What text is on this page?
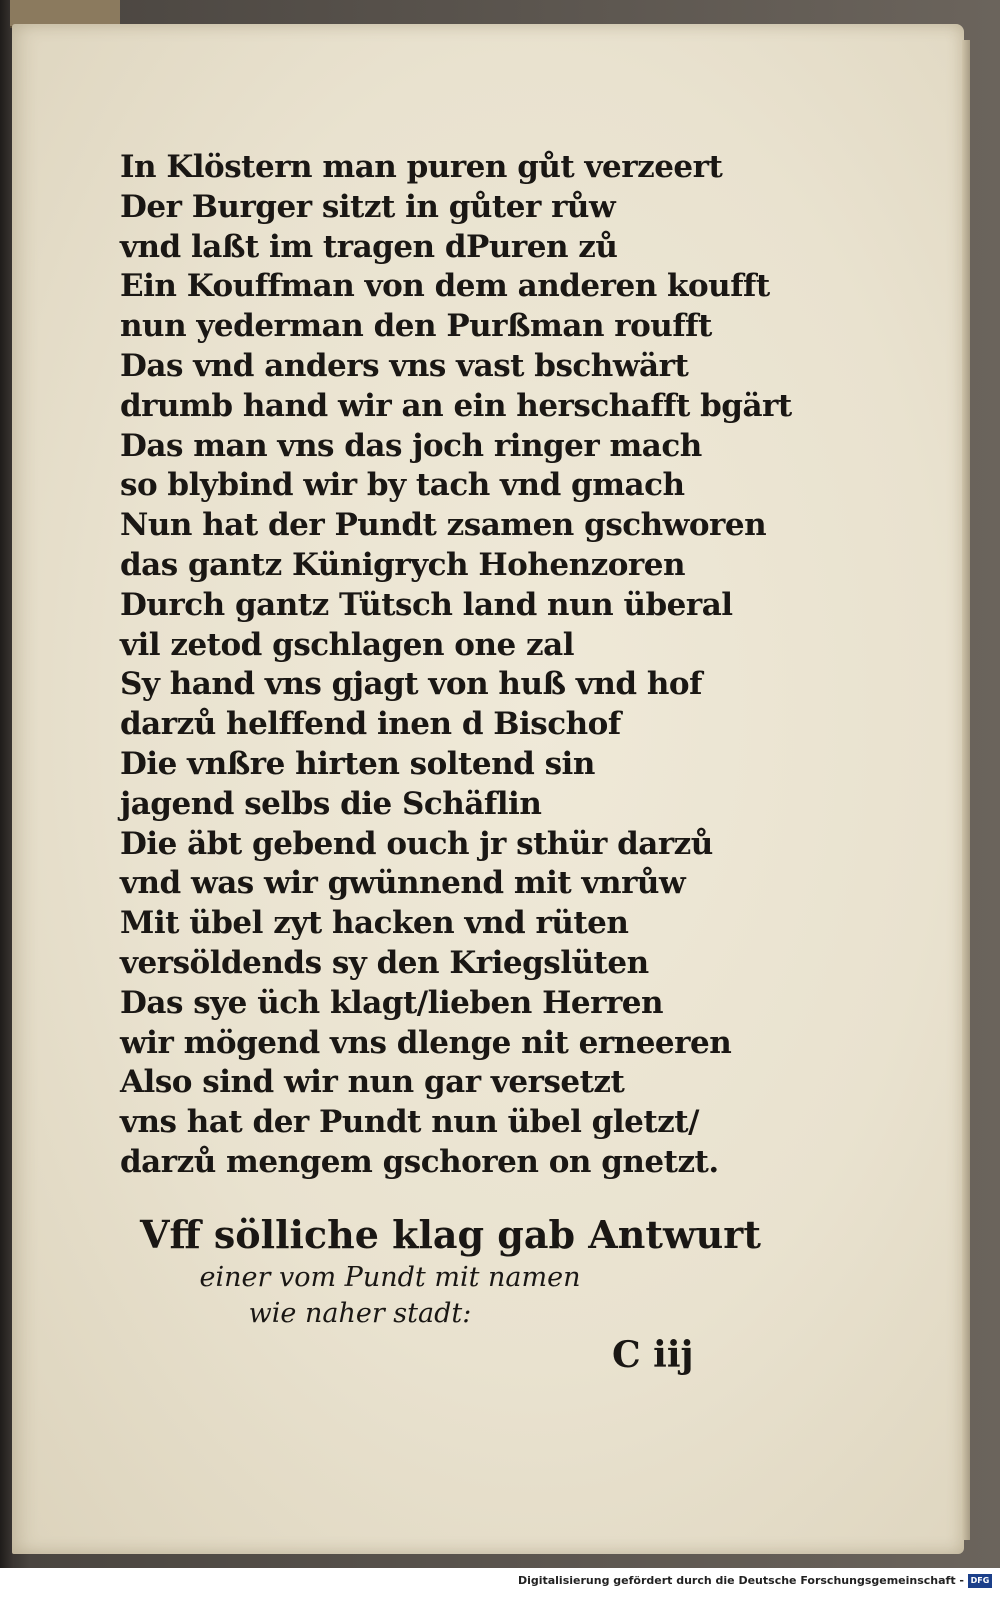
In Klöstern man puren gůt verzeert
Der Burger sitzt in gůter růw
vnd laßt im tragen dPuren zů
Ein Kouffman von dem anderen koufft
nun yederman den Purßman roufft
Das vnd anders vns vast bschwärt
drumb hand wir an ein herschafft bgärt
Das man vns das joch ringer mach
so blybind wir by tach vnd gmach
Nun hat der Pundt zsamen gschworen
das gantz Künigrych Hohenzoren
Durch gantz Tütsch land nun überal
vil zetod gschlagen one zal
Sy hand vns gjagt von huß vnd hof
darzů helffend inen d Bischof
Die vnßre hirten soltend sin
jagend selbs die Schäflin
Die äbt gebend ouch jr sthür darzů
vnd was wir gwünnend mit vnrůw
Mit übel zyt hacken vnd rüten
versöldends sy den Kriegslüten
Das sye üch klagt/lieben Herren
wir mögend vns dlenge nit erneeren
Also sind wir nun gar versetzt
vns hat der Pundt nun übel gletzt/
darzů mengem gschoren on gnetzt.
Vff sölliche klag gab Antwurt
einer vom Pundt mit namen
wie naher stadt:
C iij
Digitalisierung gefördert durch die Deutsche Forschungsgemeinschaft - DFG
